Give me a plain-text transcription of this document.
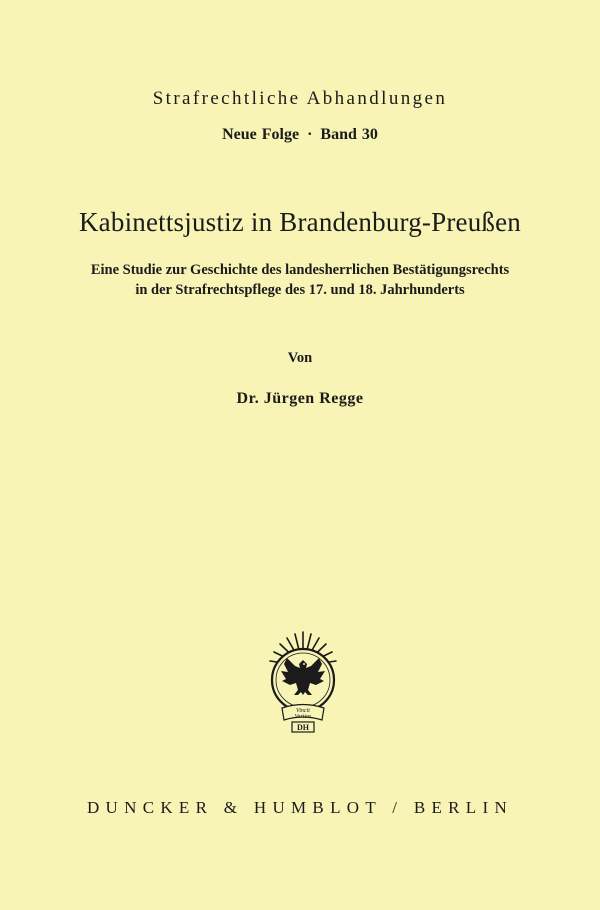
Strafrechtliche Abhandlungen
Neue Folge · Band 30
Kabinettsjustiz in Brandenburg-Preußen
Eine Studie zur Geschichte des landesherrlichen Bestätigungsrechts
in der Strafrechtspflege des 17. und 18. Jahrhunderts
Von
Dr. Jürgen Regge
Vincit
Veritas
DH
DUNCKER & HUMBLOT / BERLIN
